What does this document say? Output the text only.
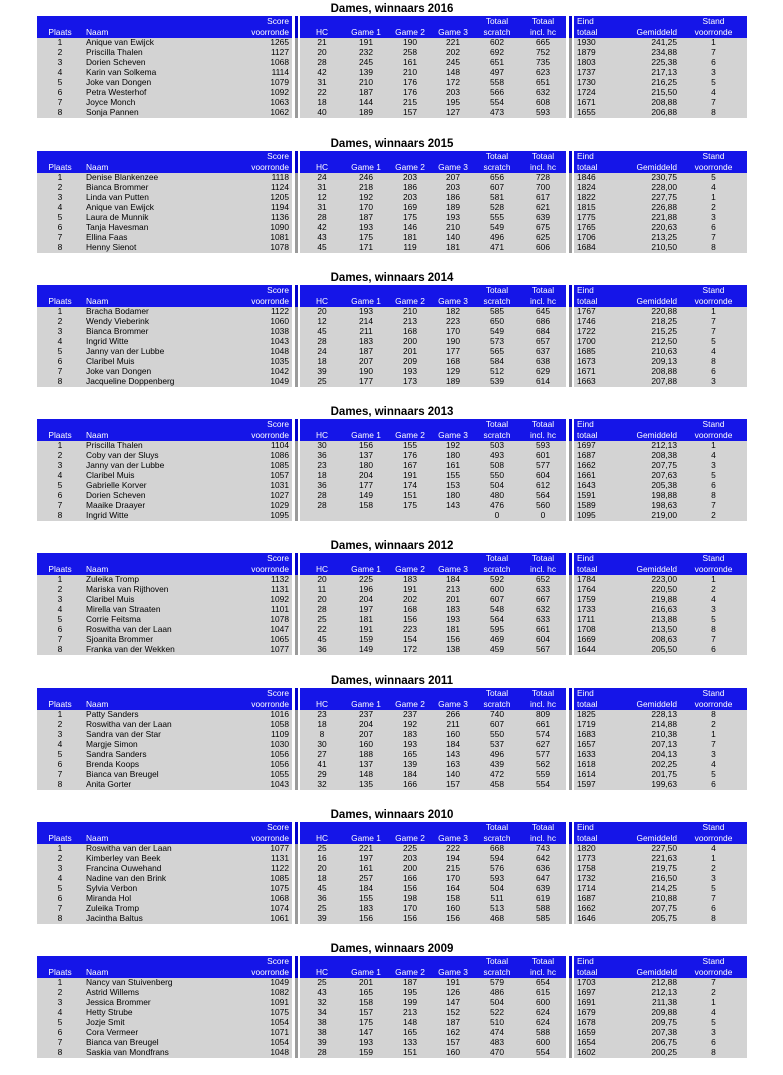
Dames, winnaars 2016
		Score						Totaal	Totaal		Eind		Stand
Plaats	Naam	voorronde		HC	Game 1	Game 2	Game 3	scratch	incl. hc		totaal	Gemiddeld	voorronde
1	Anique van Ewijck	1265		21	191	190	221	602	665		1930	241,25	1
2	Priscilla Thalen	1127		20	232	258	202	692	752		1879	234,88	7
3	Dorien Scheven	1068		28	245	161	245	651	735		1803	225,38	6
4	Karin van Solkema	1114		42	139	210	148	497	623		1737	217,13	3
5	Joke van Dongen	1079		31	210	176	172	558	651		1730	216,25	5
6	Petra Westerhof	1092		22	187	176	203	566	632		1724	215,50	4
7	Joyce Monch	1063		18	144	215	195	554	608		1671	208,88	7
8	Sonja Pannen	1062		40	189	157	127	473	593		1655	206,88	8
Dames, winnaars 2015
		Score						Totaal	Totaal		Eind		Stand
Plaats	Naam	voorronde		HC	Game 1	Game 2	Game 3	scratch	incl. hc		totaal	Gemiddeld	voorronde
1	Denise Blankenzee	1118		24	246	203	207	656	728		1846	230,75	5
2	Bianca Brommer	1124		31	218	186	203	607	700		1824	228,00	4
3	Linda van Putten	1205		12	192	203	186	581	617		1822	227,75	1
4	Anique van Ewijck	1194		31	170	169	189	528	621		1815	226,88	2
5	Laura de Munnik	1136		28	187	175	193	555	639		1775	221,88	3
6	Tanja Havesman	1090		42	193	146	210	549	675		1765	220,63	6
7	Ellina Faas	1081		43	175	181	140	496	625		1706	213,25	7
8	Henny Sienot	1078		45	171	119	181	471	606		1684	210,50	8
Dames, winnaars 2014
		Score						Totaal	Totaal		Eind		Stand
Plaats	Naam	voorronde		HC	Game 1	Game 2	Game 3	scratch	incl. hc		totaal	Gemiddeld	voorronde
1	Bracha Bodamer	1122		20	193	210	182	585	645		1767	220,88	1
2	Wendy Vieberink	1060		12	214	213	223	650	686		1746	218,25	7
3	Bianca Brommer	1038		45	211	168	170	549	684		1722	215,25	7
4	Ingrid Witte	1043		28	183	200	190	573	657		1700	212,50	5
5	Janny van der Lubbe	1048		24	187	201	177	565	637		1685	210,63	4
6	Claribel Muis	1035		18	207	209	168	584	638		1673	209,13	8
7	Joke van Dongen	1042		39	190	193	129	512	629		1671	208,88	6
8	Jacqueline Doppenberg	1049		25	177	173	189	539	614		1663	207,88	3
Dames, winnaars 2013
		Score						Totaal	Totaal		Eind		Stand
Plaats	Naam	voorronde		HC	Game 1	Game 2	Game 3	scratch	incl. hc		totaal	Gemiddeld	voorronde
1	Priscilla Thalen	1104		30	156	155	192	503	593		1697	212,13	1
2	Coby van der Sluys	1086		36	137	176	180	493	601		1687	208,38	4
3	Janny van der Lubbe	1085		23	180	167	161	508	577		1662	207,75	3
4	Claribel Muis	1057		18	204	191	155	550	604		1661	207,63	5
5	Gabrielle Korver	1031		36	177	174	153	504	612		1643	205,38	6
6	Dorien Scheven	1027		28	149	151	180	480	564		1591	198,88	8
7	Maaike Draayer	1029		28	158	175	143	476	560		1589	198,63	7
8	Ingrid Witte	1095						0	0		1095	219,00	2
Dames, winnaars 2012
		Score						Totaal	Totaal		Eind		Stand
Plaats	Naam	voorronde		HC	Game 1	Game 2	Game 3	scratch	incl. hc		totaal	Gemiddeld	voorronde
1	Zuleika Tromp	1132		20	225	183	184	592	652		1784	223,00	1
2	Mariska van Rijthoven	1131		11	196	191	213	600	633		1764	220,50	2
3	Claribel Muis	1092		20	204	202	201	607	667		1759	219,88	4
4	Mirella van Straaten	1101		28	197	168	183	548	632		1733	216,63	3
5	Corrie Feitsma	1078		25	181	156	193	564	633		1711	213,88	5
6	Roswitha van der Laan	1047		22	191	223	181	595	661		1708	213,50	8
7	Sjoanita Brommer	1065		45	159	154	156	469	604		1669	208,63	7
8	Franka van der Wekken	1077		36	149	172	138	459	567		1644	205,50	6
Dames, winnaars 2011
		Score						Totaal	Totaal		Eind		Stand
Plaats	Naam	voorronde		HC	Game 1	Game 2	Game 3	scratch	incl. hc		totaal	Gemiddeld	voorronde
1	Patty Sanders	1016		23	237	237	266	740	809		1825	228,13	8
2	Roswitha van der Laan	1058		18	204	192	211	607	661		1719	214,88	2
3	Sandra van der Star	1109		8	207	183	160	550	574		1683	210,38	1
4	Margje Simon	1030		30	160	193	184	537	627		1657	207,13	7
5	Sandra Sanders	1056		27	188	165	143	496	577		1633	204,13	3
6	Brenda Koops	1056		41	137	139	163	439	562		1618	202,25	4
7	Bianca van Breugel	1055		29	148	184	140	472	559		1614	201,75	5
8	Anita Gorter	1043		32	135	166	157	458	554		1597	199,63	6
Dames, winnaars 2010
		Score						Totaal	Totaal		Eind		Stand
Plaats	Naam	voorronde		HC	Game 1	Game 2	Game 3	scratch	incl. hc		totaal	Gemiddeld	voorronde
1	Roswitha van der Laan	1077		25	221	225	222	668	743		1820	227,50	4
2	Kimberley van Beek	1131		16	197	203	194	594	642		1773	221,63	1
3	Francina Ouwehand	1122		20	161	200	215	576	636		1758	219,75	2
4	Nadine van den Brink	1085		18	257	166	170	593	647		1732	216,50	3
5	Sylvia Verbon	1075		45	184	156	164	504	639		1714	214,25	5
6	Miranda Hol	1068		36	155	198	158	511	619		1687	210,88	7
7	Zuleika Tromp	1074		25	183	170	160	513	588		1662	207,75	6
8	Jacintha Baltus	1061		39	156	156	156	468	585		1646	205,75	8
Dames, winnaars 2009
		Score						Totaal	Totaal		Eind		Stand
Plaats	Naam	voorronde		HC	Game 1	Game 2	Game 3	scratch	incl. hc		totaal	Gemiddeld	voorronde
1	Nancy van Stuivenberg	1049		25	201	187	191	579	654		1703	212,88	7
2	Astrid Willems	1082		43	165	195	126	486	615		1697	212,13	2
3	Jessica Brommer	1091		32	158	199	147	504	600		1691	211,38	1
4	Hetty Strube	1075		34	157	213	152	522	624		1679	209,88	4
5	Jozje Smit	1054		38	175	148	187	510	624		1678	209,75	5
6	Cora Vermeer	1071		38	147	165	162	474	588		1659	207,38	3
7	Bianca van Breugel	1054		39	193	133	157	483	600		1654	206,75	6
8	Saskia van Mondfrans	1048		28	159	151	160	470	554		1602	200,25	8
